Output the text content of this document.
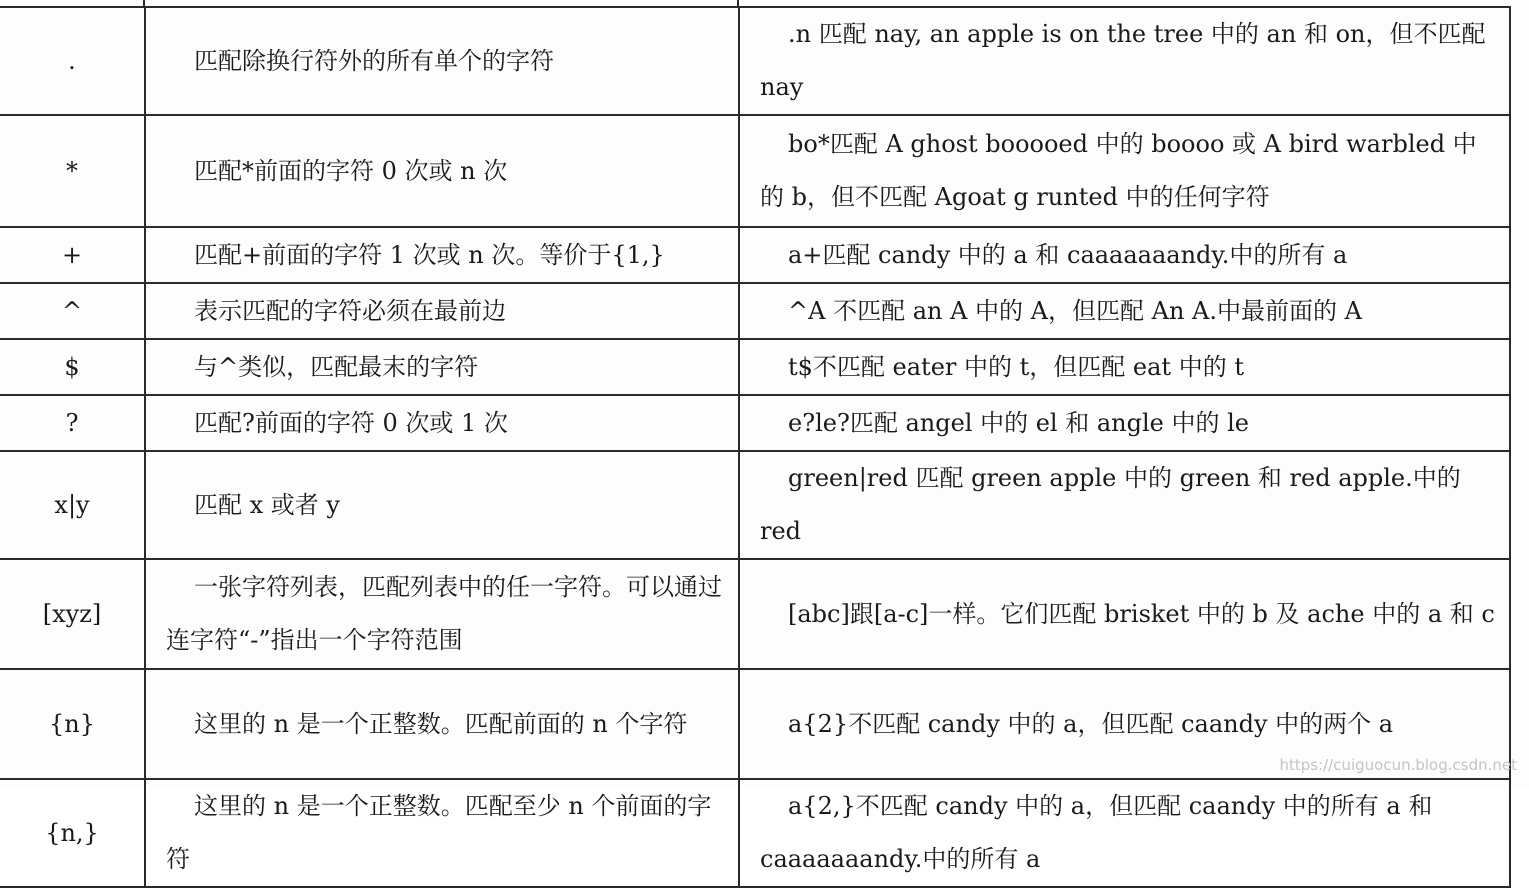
.	匹配除换行符外的所有单个的字符	.n 匹配 nay, an apple is on the tree 中的 an 和 on，但不匹配 nay
*	匹配*前面的字符 0 次或 n 次	bo*匹配 A ghost booooed 中的 boooo 或 A bird warbled 中的 b，但不匹配 Agoat g runted 中的任何字符
+	匹配+前面的字符 1 次或 n 次。等价于{1,}	a+匹配 candy 中的 a 和 caaaaaaandy.中的所有 a
^	表示匹配的字符必须在最前边	^A 不匹配 an A 中的 A，但匹配 An A.中最前面的 A
$	与^类似，匹配最末的字符	t$不匹配 eater 中的 t，但匹配 eat 中的 t
?	匹配?前面的字符 0 次或 1 次	e?le?匹配 angel 中的 el 和 angle 中的 le
x|y	匹配 x 或者 y	green|red 匹配 green apple 中的 green 和 red apple.中的 red
[xyz]	一张字符列表，匹配列表中的任一字符。可以通过连字符“-”指出一个字符范围	[abc]跟[a-c]一样。它们匹配 brisket 中的 b 及 ache 中的 a 和 c
{n}	这里的 n 是一个正整数。匹配前面的 n 个字符	a{2}不匹配 candy 中的 a，但匹配 caandy 中的两个 a
{n,}	这里的 n 是一个正整数。匹配至少 n 个前面的字符	a{2,}不匹配 candy 中的 a，但匹配 caandy 中的所有 a 和 caaaaaaandy.中的所有 a
https://cuiguocun.blog.csdn.net
